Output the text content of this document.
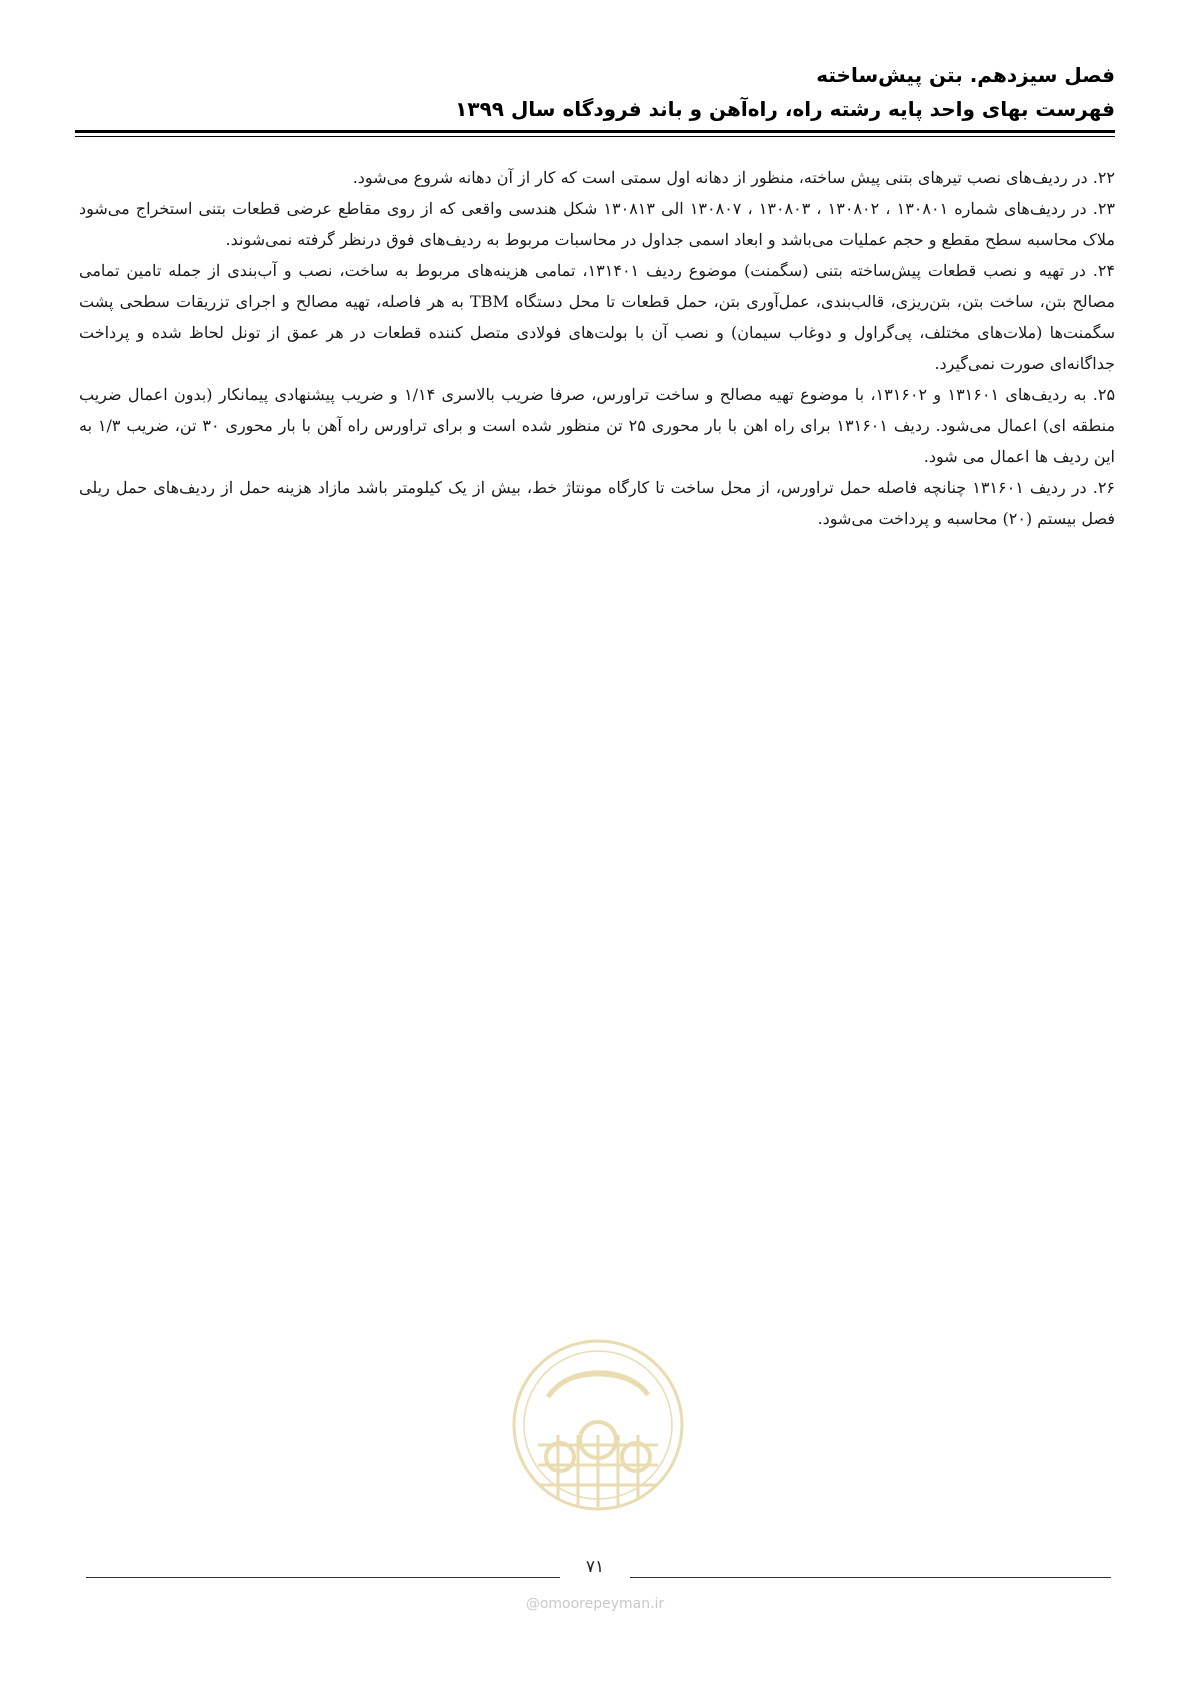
فصل سیزدهم. بتن پیش‌ساخته
فهرست بهای واحد پایه رشته راه، راه‌آهن و باند فرودگاه سال ۱۳۹۹

۲۲. در ردیف‌های نصب تیرهای بتنی پیش ساخته، منظور از دهانه اول سمتی است که کار از آن دهانه شروع می‌شود.

۲۳. در ردیف‌های شماره ۱۳۰۸۰۱ ، ۱۳۰۸۰۲ ، ۱۳۰۸۰۳ ، ۱۳۰۸۰۷ الی ۱۳۰۸۱۳ شکل هندسی واقعی که از روی مقاطع عرضی قطعات بتنی استخراج می‌شود ملاک محاسبه سطح مقطع و حجم عملیات می‌باشد و ابعاد اسمی جداول در محاسبات مربوط به ردیف‌های فوق درنظر گرفته نمی‌شوند.

۲۴. در تهیه و نصب قطعات پیش‌ساخته بتنی (سگمنت) موضوع ردیف ۱۳۱۴۰۱، تمامی هزینه‌های مربوط به ساخت، نصب و آب‌بندی از جمله تامین تمامی مصالح بتن، ساخت بتن، بتن‌ریزی، قالب‌بندی، عمل‌آوری بتن، حمل قطعات تا محل دستگاه TBM به هر فاصله، تهیه مصالح و اجرای تزریقات سطحی پشت سگمنت‌ها (ملات‌های مختلف، پی‌گراول و دوغاب سیمان) و نصب آن با بولت‌های فولادی متصل کننده قطعات در هر عمق از تونل لحاظ شده و پرداخت جداگانه‌ای صورت نمی‌گیرد.

۲۵. به ردیف‌های ۱۳۱۶۰۱ و ۱۳۱۶۰۲، با موضوع تهیه مصالح و ساخت تراورس، صرفا ضریب بالاسری ۱/۱۴ و ضریب پیشنهادی پیمانکار (بدون اعمال ضریب منطقه ای) اعمال می‌شود. ردیف ۱۳۱۶۰۱ برای راه اهن با بار محوری ۲۵ تن منظور شده است و برای تراورس راه آهن با بار محوری ۳۰ تن، ضریب ۱/۳ به این ردیف ها اعمال می شود.

۲۶. در ردیف ۱۳۱۶۰۱ چنانچه فاصله حمل تراورس، از محل ساخت تا کارگاه مونتاژ خط، بیش از یک کیلومتر باشد مازاد هزینه حمل از ردیف‌های حمل ریلی فصل بیستم (۲۰) محاسبه و پرداخت می‌شود.

۷۱
@omoorepeyman.ir
